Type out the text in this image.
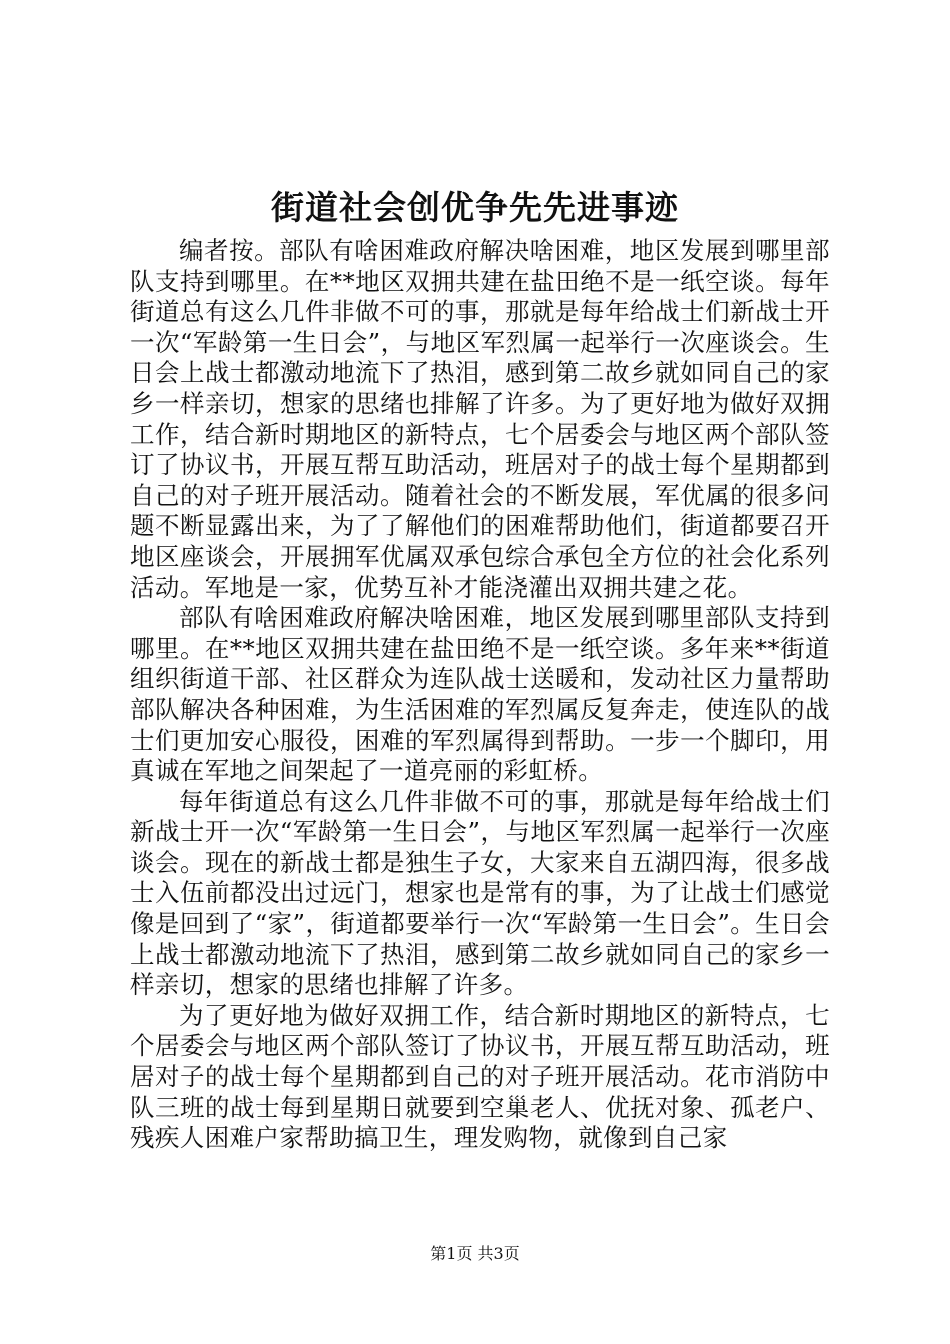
街道社会创优争先先进事迹

编者按。部队有啥困难政府解决啥困难，地区发展到哪里部队支持到哪里。在**地区双拥共建在盐田绝不是一纸空谈。每年街道总有这么几件非做不可的事，那就是每年给战士们新战士开一次“军龄第一生日会”，与地区军烈属一起举行一次座谈会。生日会上战士都激动地流下了热泪，感到第二故乡就如同自己的家乡一样亲切，想家的思绪也排解了许多。为了更好地为做好双拥工作，结合新时期地区的新特点，七个居委会与地区两个部队签订了协议书，开展互帮互助活动，班居对子的战士每个星期都到自己的对子班开展活动。随着社会的不断发展，军优属的很多问题不断显露出来，为了了解他们的困难帮助他们，街道都要召开地区座谈会，开展拥军优属双承包综合承包全方位的社会化系列活动。军地是一家，优势互补才能浇灌出双拥共建之花。

部队有啥困难政府解决啥困难，地区发展到哪里部队支持到哪里。在**地区双拥共建在盐田绝不是一纸空谈。多年来**街道组织街道干部、社区群众为连队战士送暖和，发动社区力量帮助部队解决各种困难，为生活困难的军烈属反复奔走，使连队的战士们更加安心服役，困难的军烈属得到帮助。一步一个脚印，用真诚在军地之间架起了一道亮丽的彩虹桥。

每年街道总有这么几件非做不可的事，那就是每年给战士们新战士开一次“军龄第一生日会”，与地区军烈属一起举行一次座谈会。现在的新战士都是独生子女，大家来自五湖四海，很多战士入伍前都没出过远门，想家也是常有的事，为了让战士们感觉像是回到了“家”，街道都要举行一次“军龄第一生日会”。生日会上战士都激动地流下了热泪，感到第二故乡就如同自己的家乡一样亲切，想家的思绪也排解了许多。

为了更好地为做好双拥工作，结合新时期地区的新特点，七个居委会与地区两个部队签订了协议书，开展互帮互助活动，班居对子的战士每个星期都到自己的对子班开展活动。花市消防中队三班的战士每到星期日就要到空巢老人、优抚对象、孤老户、残疾人困难户家帮助搞卫生，理发购物，就像到自己家

第1页 共3页
